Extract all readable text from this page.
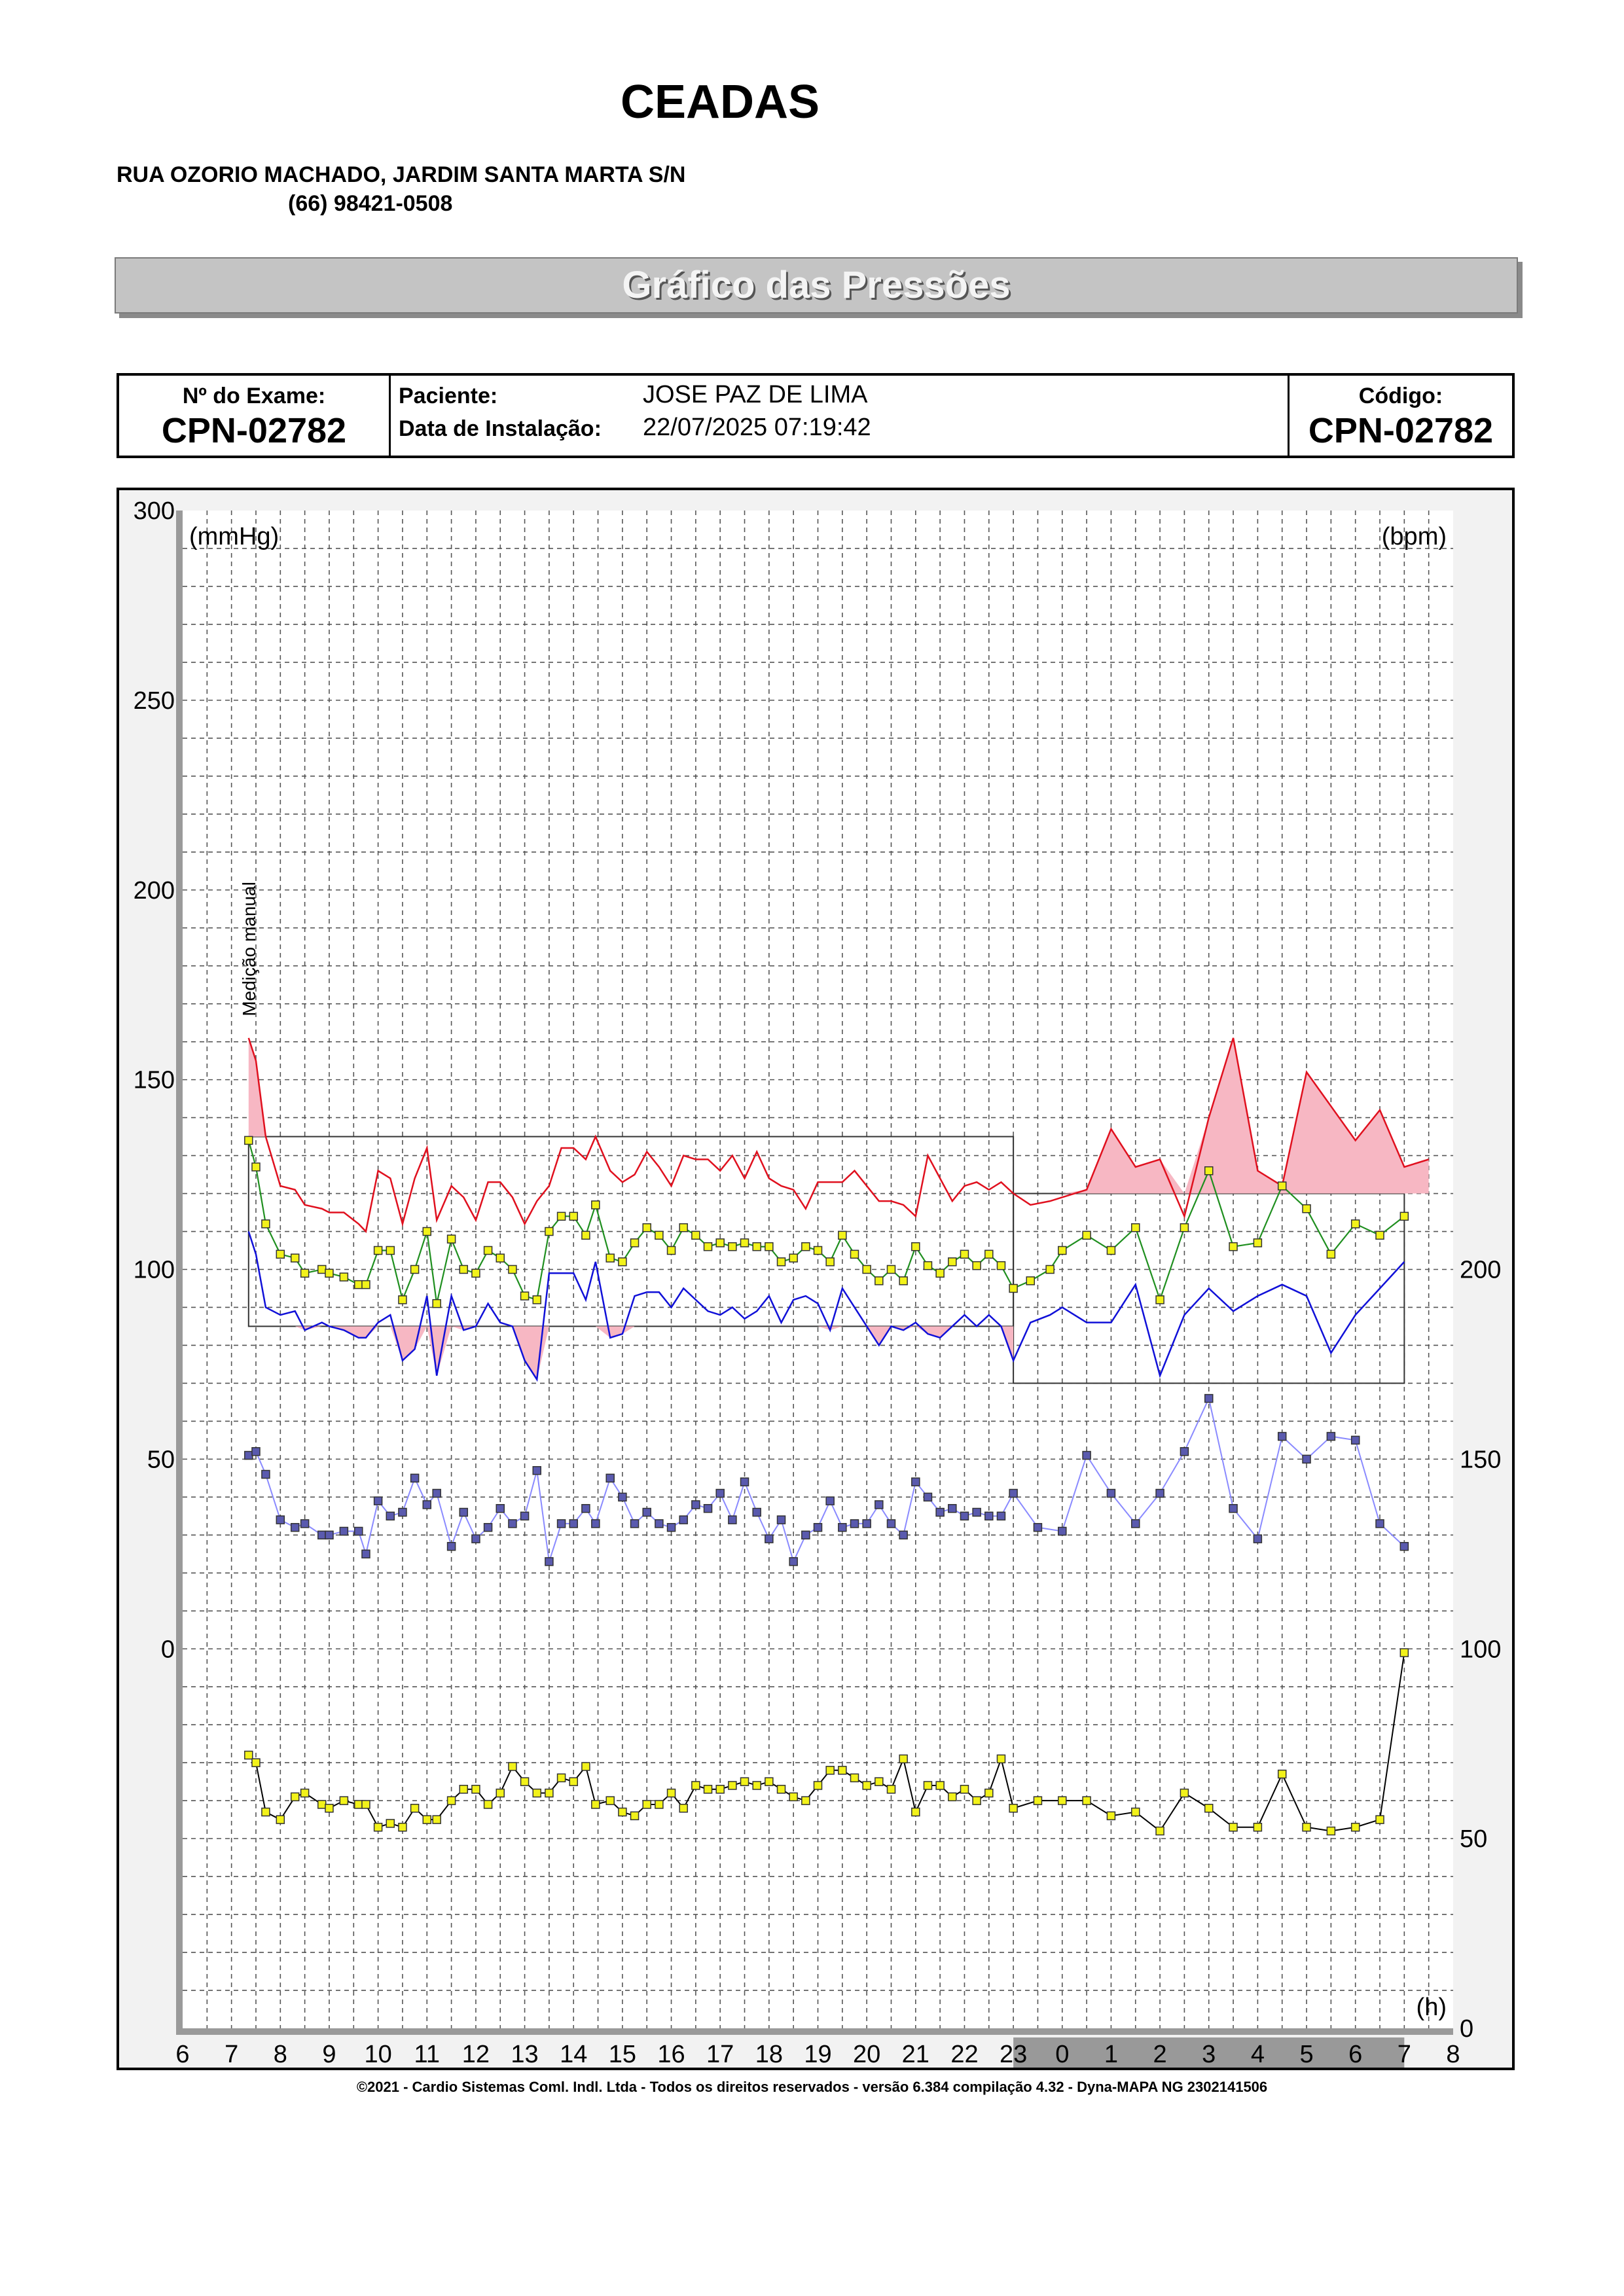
CEADAS
RUA OZORIO MACHADO, JARDIM SANTA MARTA S/N
(66) 98421-0508
Gráfico das Pressões
Nº do Exame:
CPN-02782
Paciente:	JOSE PAZ DE LIMA
Data de Instalação: 22/07/2025 07:19:42
Código:
CPN-02782
(mmHg)	(bpm)
(h)
300
250
200
150
100
50
0
200
150
100
50
0
6 7 8 9 10 11 12 13 14 15 16 17 18 19 20 21 22 23 0 1 2 3 4 5 6 7 8
Medição manual
©2021 - Cardio Sistemas Coml. Indl. Ltda - Todos os direitos reservados - versão 6.384 compilação 4.32 - Dyna-MAPA NG 2302141506
